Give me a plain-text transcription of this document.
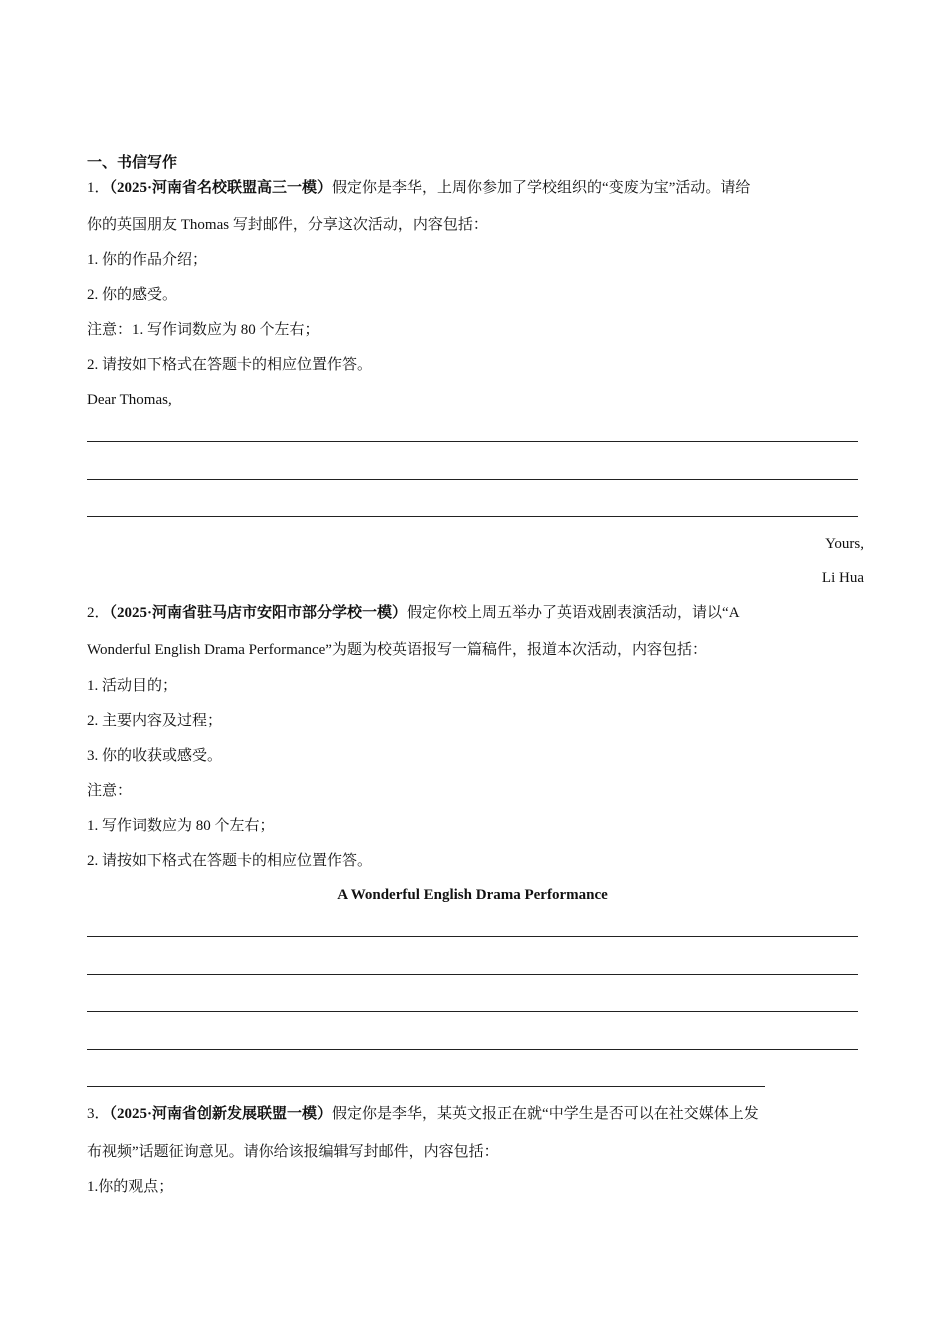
一、书信写作
1．（2025·河南省名校联盟高三一模）假定你是李华，上周你参加了学校组织的“变废为宝”活动。请给
你的英国朋友 Thomas 写封邮件，分享这次活动，内容包括：
1. 你的作品介绍；
2. 你的感受。
注意：1. 写作词数应为 80 个左右；
2. 请按如下格式在答题卡的相应位置作答。
Dear Thomas,
Yours,
Li Hua
2．（2025·河南省驻马店市安阳市部分学校一模）假定你校上周五举办了英语戏剧表演活动，请以“A
Wonderful English Drama Performance”为题为校英语报写一篇稿件，报道本次活动，内容包括：
1. 活动目的；
2. 主要内容及过程；
3. 你的收获或感受。
注意：
1. 写作词数应为 80 个左右；
2. 请按如下格式在答题卡的相应位置作答。
A Wonderful English Drama Performance
3．（2025·河南省创新发展联盟一模）假定你是李华，某英文报正在就“中学生是否可以在社交媒体上发
布视频”话题征询意见。请你给该报编辑写封邮件，内容包括：
1.你的观点；
